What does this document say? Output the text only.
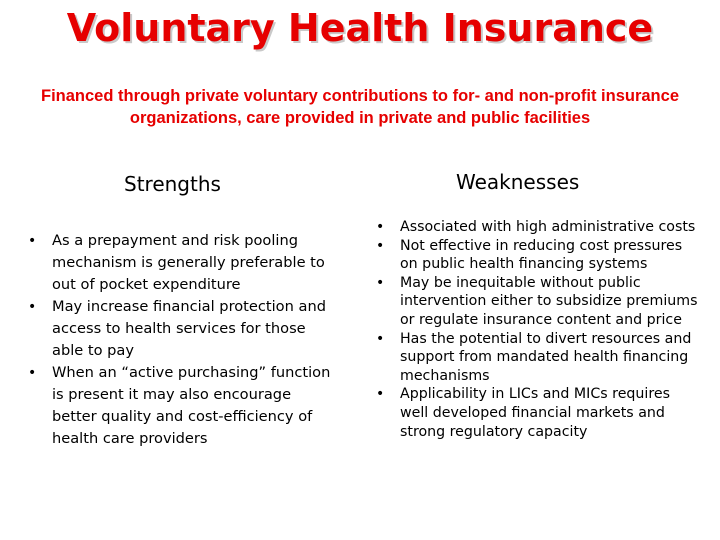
Voluntary Health Insurance
Financed through private voluntary contributions to for- and non-profit insurance organizations, care provided in private and public facilities
Strengths	Weaknesses
• As a prepayment and risk pooling mechanism is generally preferable to out of pocket expenditure
• May increase financial protection and access to health services for those able to pay
• When an “active purchasing” function is present it may also encourage better quality and cost-efficiency of health care providers
• Associated with high administrative costs
• Not effective in reducing cost pressures on public health financing systems
• May be inequitable without public intervention either to subsidize premiums or regulate insurance content and price
• Has the potential to divert resources and support from mandated health financing mechanisms
• Applicability in LICs and MICs requires well developed financial markets and strong regulatory capacity
